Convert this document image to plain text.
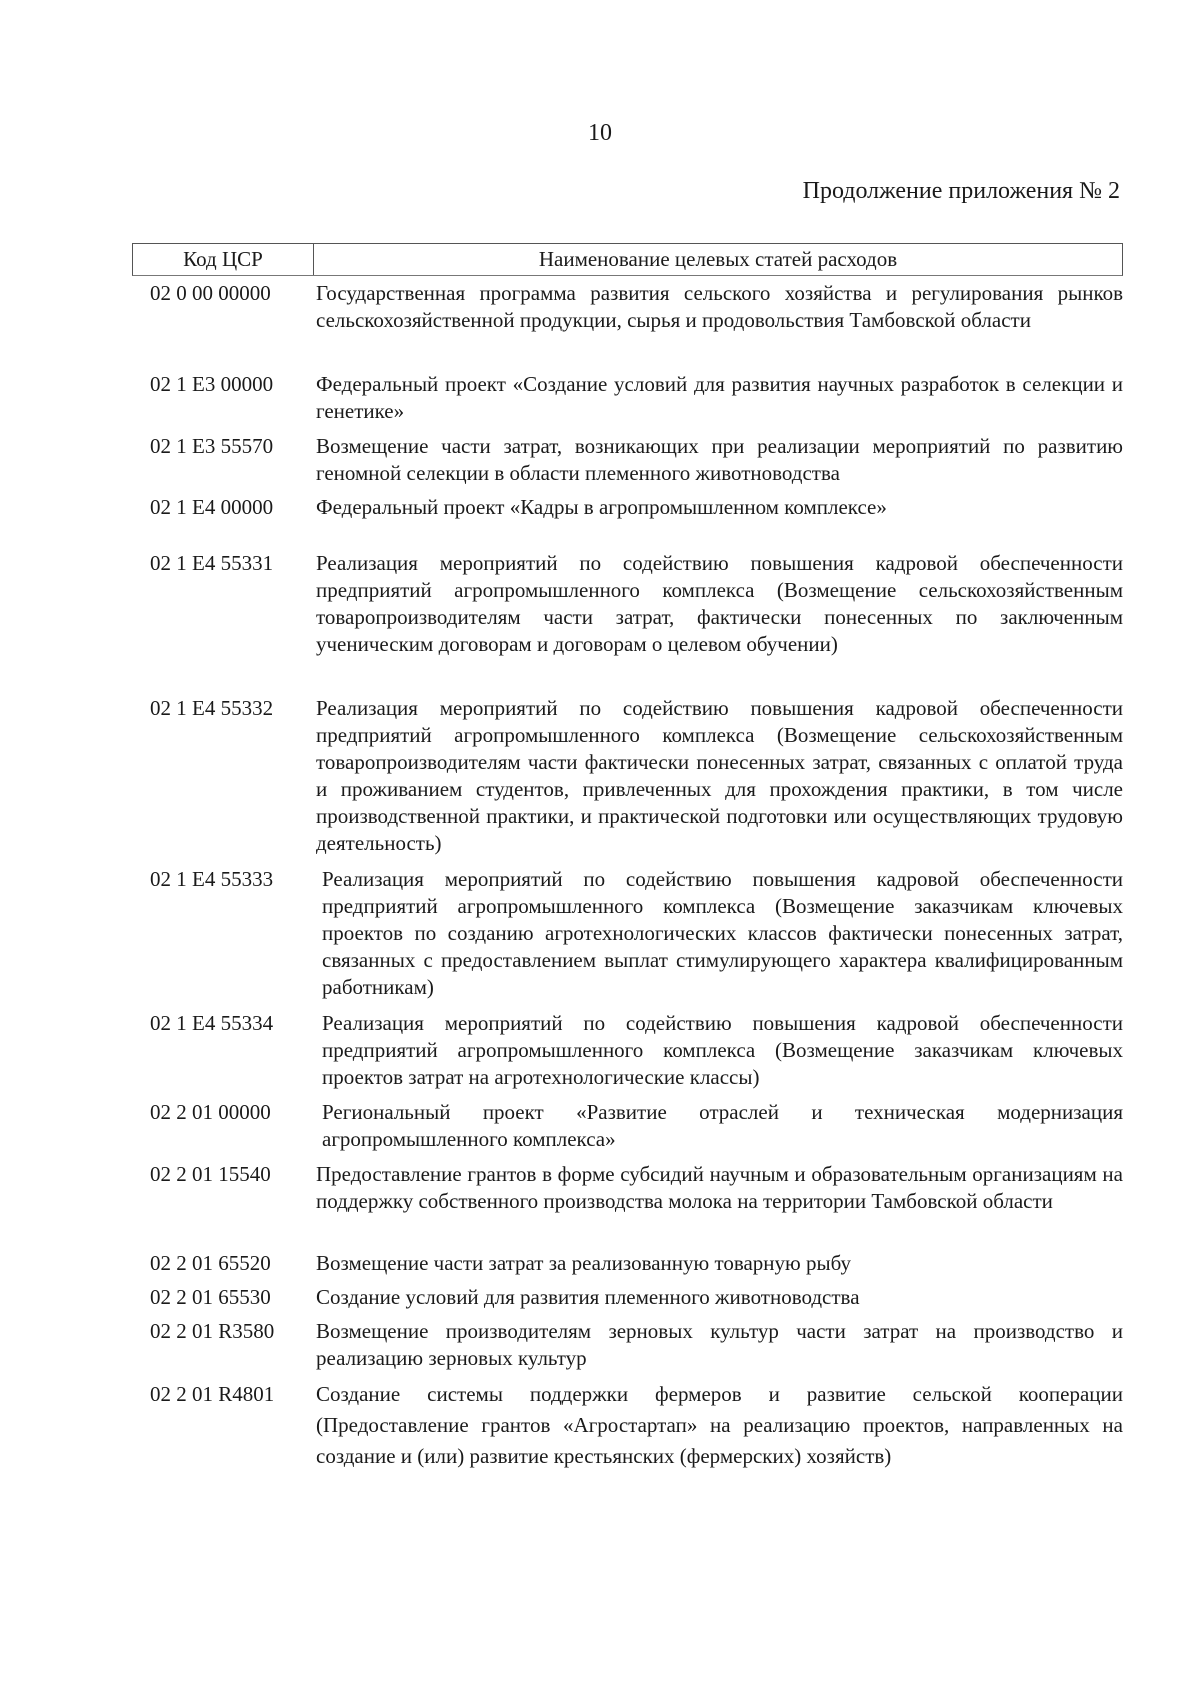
10
Продолжение приложения № 2
Код ЦСР	Наименование целевых статей расходов
02 0 00 00000 Государственная программа развития сельского хозяйства и регулирования рынков сельскохозяйственной продукции, сырья и продовольствия Тамбовской области
02 1 E3 00000 Федеральный проект «Создание условий для развития научных разработок в селекции и генетике»
02 1 E3 55570 Возмещение части затрат, возникающих при реализации мероприятий по развитию геномной селекции в области племенного животноводства
02 1 E4 00000 Федеральный проект «Кадры в агропромышленном комплексе»
02 1 E4 55331 Реализация мероприятий по содействию повышения кадровой обеспеченности предприятий агропромышленного комплекса (Возмещение сельскохозяйственным товаропроизводителям части затрат, фактически понесенных по заключенным ученическим договорам и договорам о целевом обучении)
02 1 E4 55332 Реализация мероприятий по содействию повышения кадровой обеспеченности предприятий агропромышленного комплекса (Возмещение сельскохозяйственным товаропроизводителям части фактически понесенных затрат, связанных с оплатой труда и проживанием студентов, привлеченных для прохождения практики, в том числе производственной практики, и практической подготовки или осуществляющих трудовую деятельность)
02 1 E4 55333 Реализация мероприятий по содействию повышения кадровой обеспеченности предприятий агропромышленного комплекса (Возмещение заказчикам ключевых проектов по созданию агротехнологических классов фактически понесенных затрат, связанных с предоставлением выплат стимулирующего характера квалифицированным работникам)
02 1 E4 55334 Реализация мероприятий по содействию повышения кадровой обеспеченности предприятий агропромышленного комплекса (Возмещение заказчикам ключевых проектов затрат на агротехнологические классы)
02 2 01 00000 Региональный проект «Развитие отраслей и техническая модернизация агропромышленного комплекса»
02 2 01 15540 Предоставление грантов в форме субсидий научным и образовательным организациям на поддержку собственного производства молока на территории Тамбовской области
02 2 01 65520 Возмещение части затрат за реализованную товарную рыбу
02 2 01 65530 Создание условий для развития племенного животноводства
02 2 01 R3580 Возмещение производителям зерновых культур части затрат на производство и реализацию зерновых культур
02 2 01 R4801 Создание системы поддержки фермеров и развитие сельской кооперации (Предоставление грантов «Агростартап» на реализацию проектов, направленных на создание и (или) развитие крестьянских (фермерских) хозяйств)
